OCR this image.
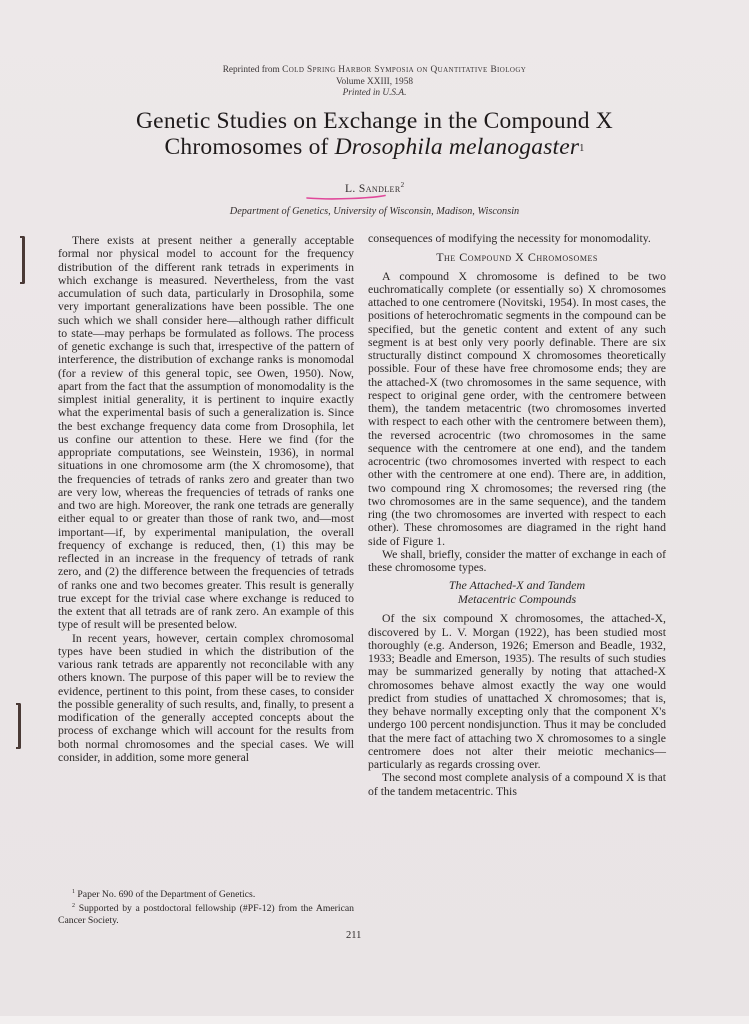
Reprinted from Cold Spring Harbor Symposia on Quantitative Biology
Volume XXIII, 1958
Printed in U.S.A.
Genetic Studies on Exchange in the Compound X
Chromosomes of Drosophila melanogaster$^1$
L. Sandler$^2$
Department of Genetics, University of Wisconsin, Madison, Wisconsin

There exists at present neither a generally acceptable formal nor physical model to account for the frequency distribution of the different rank tetrads in experiments in which exchange is measured. Nevertheless, from the vast accumulation of such data, particularly in Drosophila, some very important generalizations have been possible. The one such which we shall consider here—although rather difficult to state—may perhaps be formulated as follows. The process of genetic exchange is such that, irrespective of the pattern of interference, the distribution of exchange ranks is monomodal (for a review of this general topic, see Owen, 1950). Now, apart from the fact that the assumption of monomodality is the simplest initial generality, it is pertinent to inquire exactly what the experimental basis of such a generalization is. Since the best exchange frequency data come from Drosophila, let us confine our attention to these. Here we find (for the appropriate computations, see Weinstein, 1936), in normal situations in one chromosome arm (the X chromosome), that the frequencies of tetrads of ranks zero and greater than two are very low, whereas the frequencies of tetrads of ranks one and two are high. Moreover, the rank one tetrads are generally either equal to or greater than those of rank two, and—most important—if, by experimental manipulation, the overall frequency of exchange is reduced, then, (1) this may be reflected in an increase in the frequency of tetrads of rank zero, and (2) the difference between the frequencies of tetrads of ranks one and two becomes greater. This result is generally true except for the trivial case where exchange is reduced to the extent that all tetrads are of rank zero. An example of this type of result will be presented below.

In recent years, however, certain complex chromosomal types have been studied in which the distribution of the various rank tetrads are apparently not reconcilable with any others known. The purpose of this paper will be to review the evidence, pertinent to this point, from these cases, to consider the possible generality of such results, and, finally, to present a modification of the generally accepted concepts about the process of exchange which will account for the results from both normal chromosomes and the special cases. We will consider, in addition, some more general

$^1$ Paper No. 690 of the Department of Genetics.

$^2$ Supported by a postdoctoral fellowship (#PF-12) from the American Cancer Society.

consequences of modifying the necessity for monomodality.

The Compound X Chromosomes

A compound X chromosome is defined to be two euchromatically complete (or essentially so) X chromosomes attached to one centromere (Novitski, 1954). In most cases, the positions of heterochromatic segments in the compound can be specified, but the genetic content and extent of any such segment is at best only very poorly definable. There are six structurally distinct compound X chromosomes theoretically possible. Four of these have free chromosome ends; they are the attached-X (two chromosomes in the same sequence, with respect to original gene order, with the centromere between them), the tandem metacentric (two chromosomes inverted with respect to each other with the centromere between them), the reversed acrocentric (two chromosomes in the same sequence with the centromere at one end), and the tandem acrocentric (two chromosomes inverted with respect to each other with the centromere at one end). There are, in addition, two compound ring X chromosomes; the reversed ring (the two chromosomes are in the same sequence), and the tandem ring (the two chromosomes are inverted with respect to each other). These chromosomes are diagramed in the right hand side of Figure 1.

We shall, briefly, consider the matter of exchange in each of these chromosome types.

The Attached-X and Tandem
Metacentric Compounds

Of the six compound X chromosomes, the attached-X, discovered by L. V. Morgan (1922), has been studied most thoroughly (e.g. Anderson, 1926; Emerson and Beadle, 1932, 1933; Beadle and Emerson, 1935). The results of such studies may be summarized generally by noting that attached-X chromosomes behave almost exactly the way one would predict from studies of unattached X chromosomes; that is, they behave normally excepting only that the component X's undergo 100 percent nondisjunction. Thus it may be concluded that the mere fact of attaching two X chromosomes to a single centromere does not alter their meiotic mechanics—particularly as regards crossing over.

The second most complete analysis of a compound X is that of the tandem metacentric. This

211
